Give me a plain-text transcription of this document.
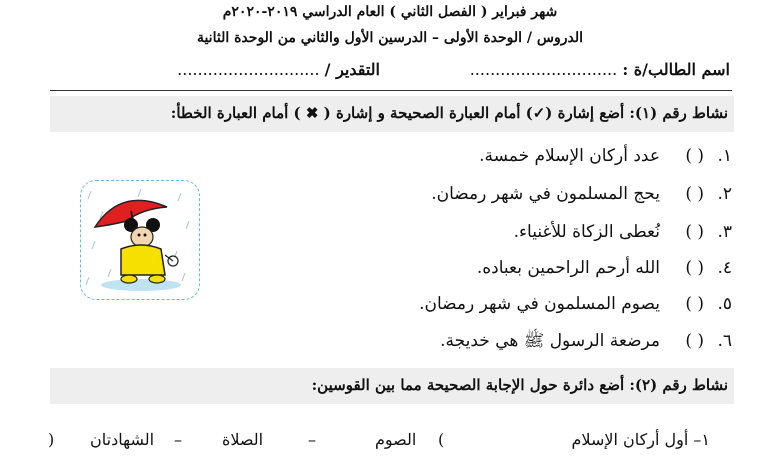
شهر فبراير ( الفصل الثاني ) العام الدراسي ٢٠١٩-٢٠٢٠م
الدروس / الوحدة الأولى – الدرسين الأول والثاني من الوحدة الثانية
اسم الطالب/ة : .............................
التقدير / ............................
نشاط رقم (١): أضع إشارة (✓) أمام العبارة الصحيحة و إشارة ( ✖ ) أمام العبارة الخطأ:
١.( )عدد أركان الإسلام خمسة.
٢.( )يحج المسلمون في شهر رمضان.
٣.( )نُعطى الزكاة للأغنياء.
٤.( )الله أرحم الراحمين بعباده.
٥.( )يصوم المسلمون في شهر رمضان.
٦.( )مرضعة الرسول ﷺ هي خديجة.
نشاط رقم (٢): أضع دائرة حول الإجابة الصحيحة مما بين القوسين:
١– أول أركان الإسلام
(
الصوم
–
الصلاة
–
الشهادتان
)
